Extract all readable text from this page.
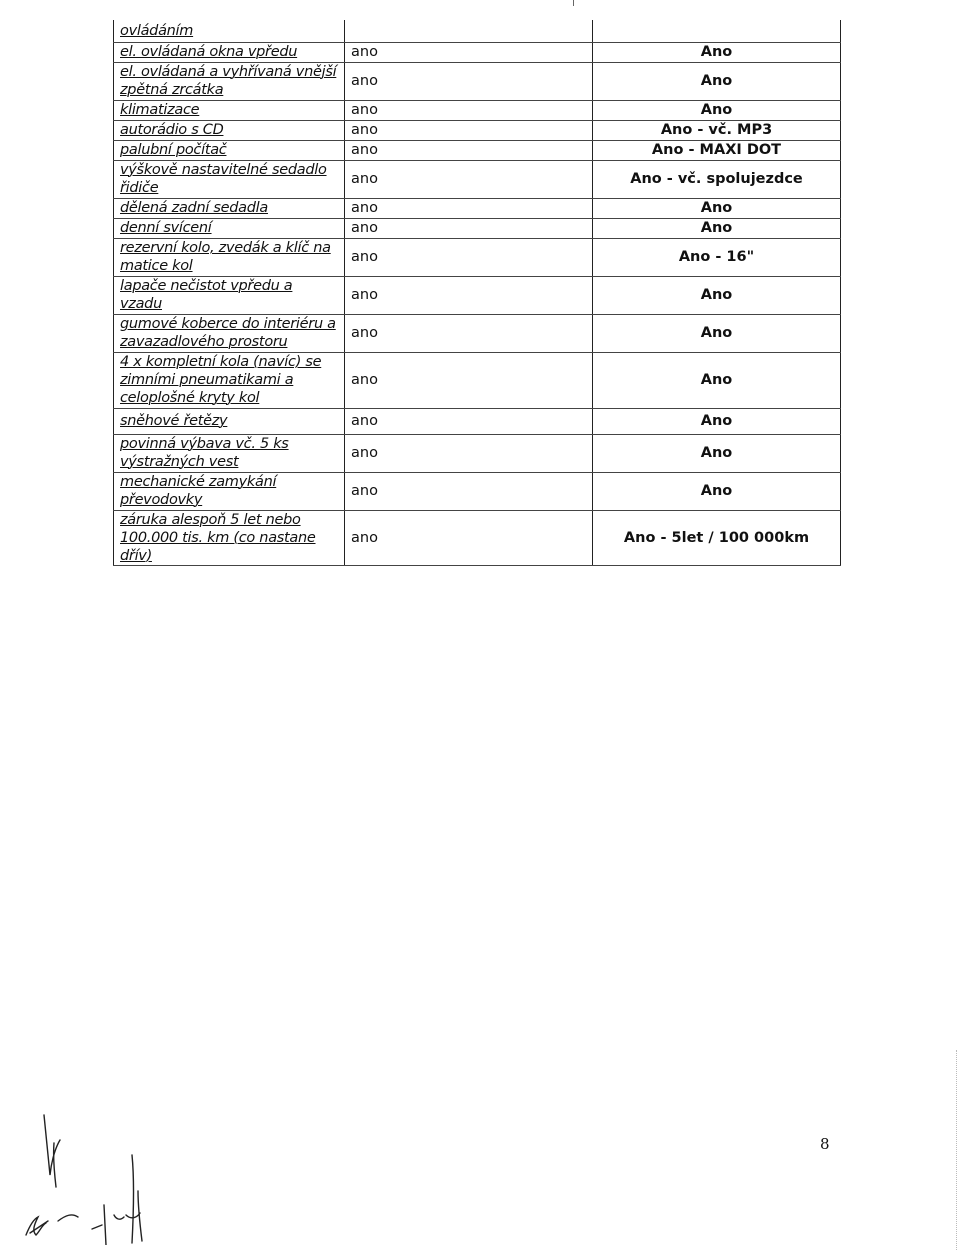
ovládáním		
el. ovládaná okna vpředu	ano	Ano
el. ovládaná a vyhřívaná vnější zpětná zrcátka	ano	Ano
klimatizace	ano	Ano
autorádio s CD	ano	Ano - vč. MP3
palubní počítač	ano	Ano - MAXI DOT
výškově nastavitelné sedadlo řidiče	ano	Ano - vč. spolujezdce
dělená zadní sedadla	ano	Ano
denní svícení	ano	Ano
rezervní kolo, zvedák a klíč na matice kol	ano	Ano - 16"
lapače nečistot vpředu a vzadu	ano	Ano
gumové koberce do interiéru a zavazadlového prostoru	ano	Ano
4 x kompletní kola (navíc) se zimními pneumatikami a celoplošné kryty kol	ano	Ano
sněhové řetězy	ano	Ano
povinná výbava vč. 5 ks výstražných vest	ano	Ano
mechanické zamykání převodovky	ano	Ano
záruka alespoň 5 let nebo 100.000 tis. km (co nastane dřív)	ano	Ano - 5let / 100 000km
8
